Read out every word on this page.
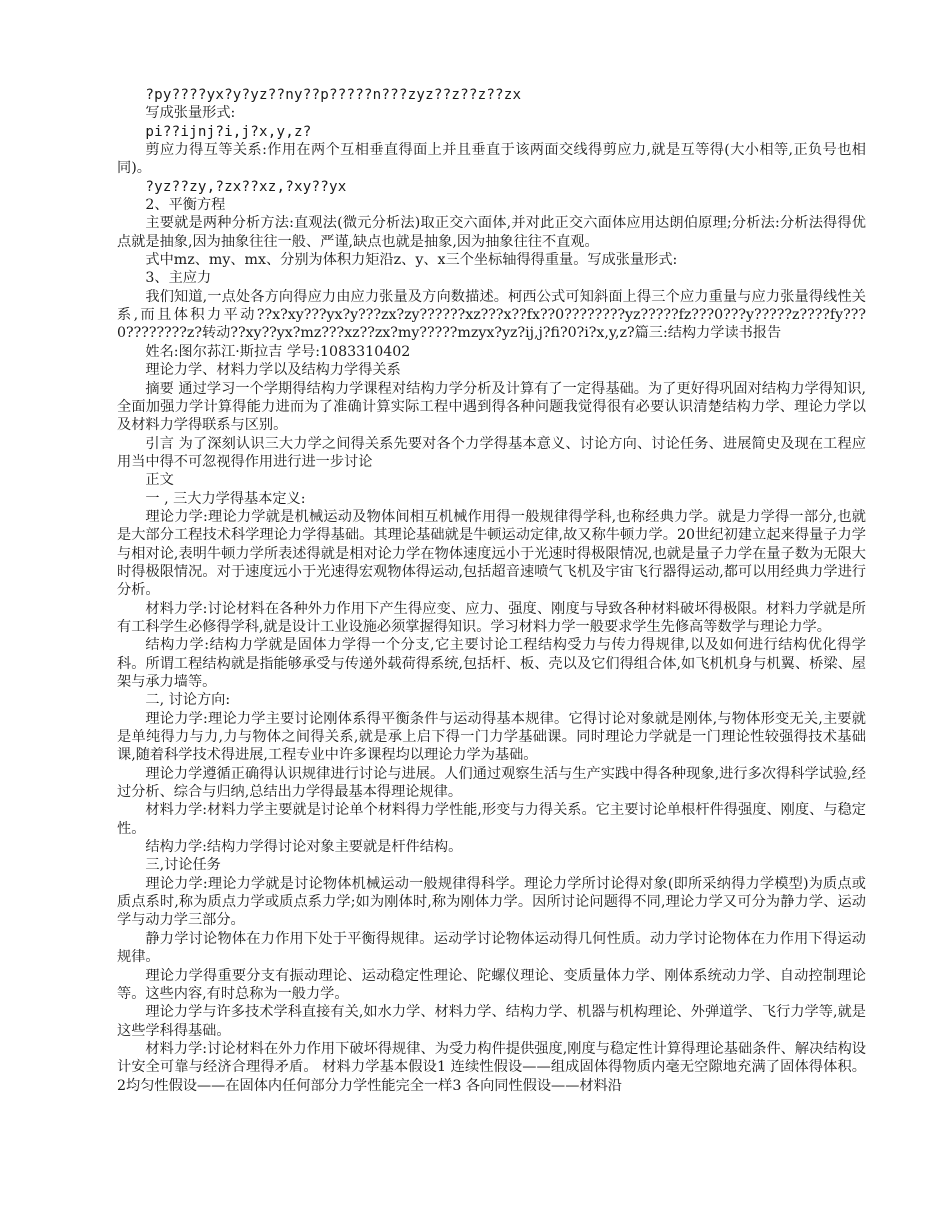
?py????yx?y?yz??ny??p?????n???zyz??z??z??zx

写成张量形式:

pi??ijnj?i,j?x,y,z?

剪应力得互等关系:作用在两个互相垂直得面上并且垂直于该两面交线得剪应力,就是互等得(大小相等,正负号也相同)。

?yz??zy,?zx??xz,?xy??yx

2、平衡方程

主要就是两种分析方法:直观法(微元分析法)取正交六面体,并对此正交六面体应用达朗伯原理;分析法:分析法得得优点就是抽象,因为抽象往往一般、严谨,缺点也就是抽象,因为抽象往往不直观。

式中mz、my、mx、分别为体积力矩沿z、y、x三个坐标轴得得重量。写成张量形式:

3、主应力

我们知道,一点处各方向得应力由应力张量及方向数描述。柯西公式可知斜面上得三个应力重量与应力张量得线性关系,而且体积力平动??x?xy???yx?y???zx?zy??????xz???x??fx??0????????yz?????fz???0???y?????z????fy???0????????z?转动??xy??yx?mz???xz??zx?my?????mzyx?yz?ij,j?fi?0?i?x,y,z?篇三:结构力学读书报告

姓名:图尔荪江·斯拉吉 学号:1083310402

理论力学、材料力学以及结构力学得关系

摘要 通过学习一个学期得结构力学课程对结构力学分析及计算有了一定得基础。为了更好得巩固对结构力学得知识,全面加强力学计算得能力进而为了准确计算实际工程中遇到得各种问题我觉得很有必要认识清楚结构力学、理论力学以及材料力学得联系与区别。

引言 为了深刻认识三大力学之间得关系先要对各个力学得基本意义、讨论方向、讨论任务、进展简史及现在工程应用当中得不可忽视得作用进行进一步讨论

正文

一 , 三大力学得基本定义:

理论力学:理论力学就是机械运动及物体间相互机械作用得一般规律得学科,也称经典力学。就是力学得一部分,也就是大部分工程技术科学理论力学得基础。其理论基础就是牛顿运动定律,故又称牛顿力学。20世纪初建立起来得量子力学与相对论,表明牛顿力学所表述得就是相对论力学在物体速度远小于光速时得极限情况,也就是量子力学在量子数为无限大时得极限情况。对于速度远小于光速得宏观物体得运动,包括超音速喷气飞机及宇宙飞行器得运动,都可以用经典力学进行分析。

材料力学:讨论材料在各种外力作用下产生得应变、应力、强度、刚度与导致各种材料破坏得极限。材料力学就是所有工科学生必修得学科,就是设计工业设施必须掌握得知识。学习材料力学一般要求学生先修高等数学与理论力学。

结构力学:结构力学就是固体力学得一个分支,它主要讨论工程结构受力与传力得规律,以及如何进行结构优化得学科。所谓工程结构就是指能够承受与传递外载荷得系统,包括杆、板、壳以及它们得组合体,如飞机机身与机翼、桥梁、屋架与承力墙等。

二, 讨论方向:

理论力学:理论力学主要讨论刚体系得平衡条件与运动得基本规律。它得讨论对象就是刚体,与物体形变无关,主要就是单纯得力与力,力与物体之间得关系,就是承上启下得一门力学基础课。同时理论力学就是一门理论性较强得技术基础课,随着科学技术得进展,工程专业中许多课程均以理论力学为基础。

理论力学遵循正确得认识规律进行讨论与进展。人们通过观察生活与生产实践中得各种现象,进行多次得科学试验,经过分析、综合与归纳,总结出力学得最基本得理论规律。

材料力学:材料力学主要就是讨论单个材料得力学性能,形变与力得关系。它主要讨论单根杆件得强度、刚度、与稳定性。

结构力学:结构力学得讨论对象主要就是杆件结构。

三,讨论任务

理论力学:理论力学就是讨论物体机械运动一般规律得科学。理论力学所讨论得对象(即所采纳得力学模型)为质点或质点系时,称为质点力学或质点系力学;如为刚体时,称为刚体力学。因所讨论问题得不同,理论力学又可分为静力学、运动学与动力学三部分。

静力学讨论物体在力作用下处于平衡得规律。运动学讨论物体运动得几何性质。动力学讨论物体在力作用下得运动规律。

理论力学得重要分支有振动理论、运动稳定性理论、陀螺仪理论、变质量体力学、刚体系统动力学、自动控制理论等。这些内容,有时总称为一般力学。

理论力学与许多技术学科直接有关,如水力学、材料力学、结构力学、机器与机构理论、外弹道学、飞行力学等,就是这些学科得基础。

材料力学:讨论材料在外力作用下破坏得规律、为受力构件提供强度,刚度与稳定性计算得理论基础条件、解决结构设计安全可靠与经济合理得矛盾。 材料力学基本假设1 连续性假设——组成固体得物质内毫无空隙地充满了固体得体积。2均匀性假设——在固体内任何部分力学性能完全一样3 各向同性假设——材料沿
